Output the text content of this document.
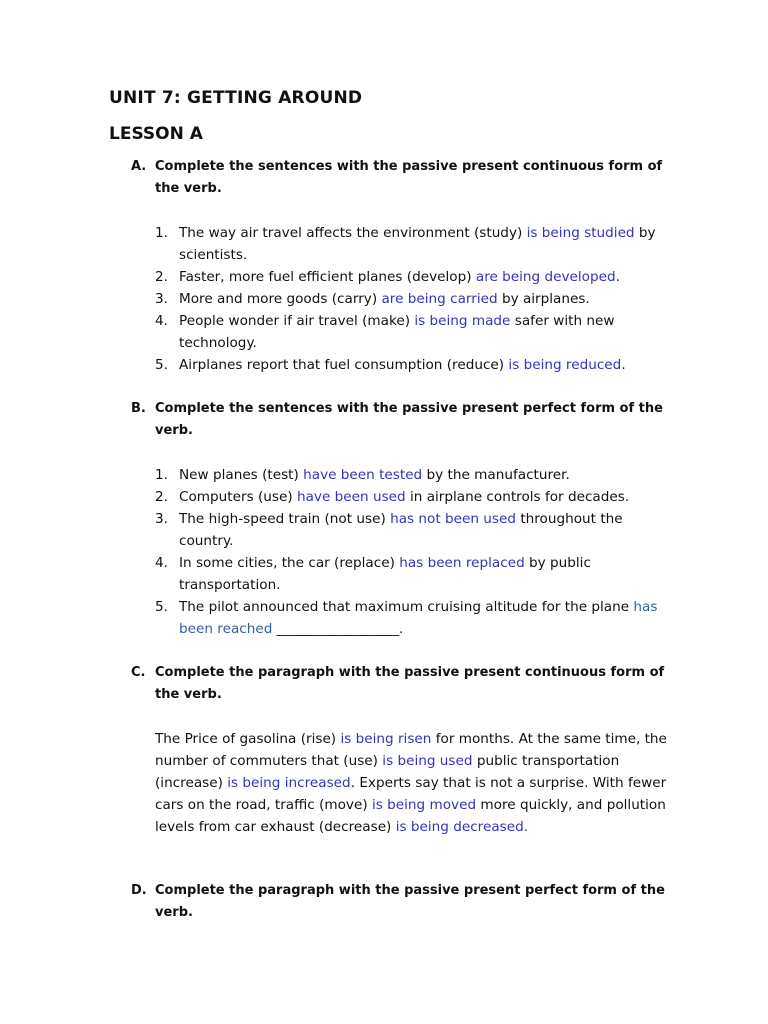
UNIT 7: GETTING AROUND
LESSON A
A. Complete the sentences with the passive present continuous form of the verb.
1. The way air travel affects the environment (study) is being studied by scientists.
2. Faster, more fuel efficient planes (develop) are being developed.
3. More and more goods (carry) are being carried by airplanes.
4. People wonder if air travel (make) is being made safer with new technology.
5. Airplanes report that fuel consumption (reduce) is being reduced.
B. Complete the sentences with the passive present perfect form of the verb.
1. New planes (test) have been tested by the manufacturer.
2. Computers (use) have been used in airplane controls for decades.
3. The high-speed train (not use) has not been used throughout the country.
4. In some cities, the car (replace) has been replaced by public transportation.
5. The pilot announced that maximum cruising altitude for the plane has been reached __________________.
C. Complete the paragraph with the passive present continuous form of the verb.
The Price of gasolina (rise) is being risen for months. At the same time, the number of commuters that (use) is being used public transportation (increase) is being increased. Experts say that is not a surprise. With fewer cars on the road, traffic (move) is being moved more quickly, and pollution levels from car exhaust (decrease) is being decreased.
D. Complete the paragraph with the passive present perfect form of the verb.
